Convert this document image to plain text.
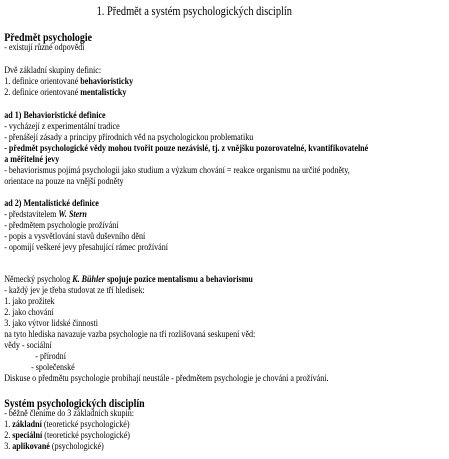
1. Předmět a systém psychologických disciplín
Předmět psychologie
- existují různé odpovědi
Dvě základní skupiny definic:
1. definice orientované behavioristicky
2. definice orientované mentalisticky
ad 1) Behavioristické definice
- vycházejí z experimentální tradice
- přenášejí zásady a principy přírodních věd na psychologickou problematiku
- předmět psychologické vědy mohou tvořit pouze nezávislé, tj. z vnějšku pozorovatelné, kvantifikovatelné
a měřitelné jevy
- behaviorismus pojímá psychologii jako studium a výzkum chování = reakce organismu na určité podněty,
orientace na pouze na vnější podněty
ad 2) Mentalistické definice
- představitelem W. Stern
- předmětem psychologie prožívání
- popis a vysvětlování stavů duševního dění
- opomíjí veškeré jevy přesahující rámec prožívání
Německý psycholog K. Bühler spojuje pozice mentalismu a behaviorismu
- každý jev je třeba studovat ze tří hledisek:
1. jako prožitek
2. jako chování
3. jako výtvor lidské činnosti
na tyto hlediska navazuje vazba psychologie na tři rozlišovaná seskupení věd:
vědy - sociální
- přírodní
- společenské
Diskuse o předmětu psychologie probíhají neustále - předmětem psychologie je chování a prožívání.
Systém psychologických disciplín
- běžně členíme do 3 základních skupin:
1. základní (teoretické psychologické)
2. speciální (teoretické psychologické)
3. aplikované (psychologické)
